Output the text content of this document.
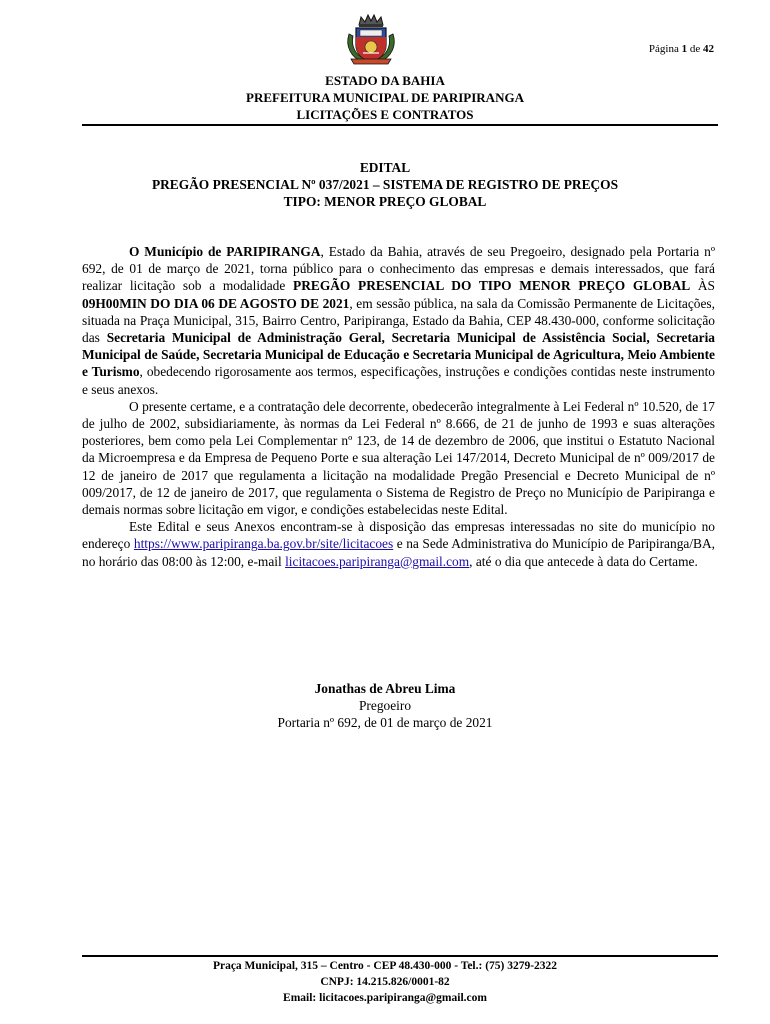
Página 1 de 42
ESTADO DA BAHIA
PREFEITURA MUNICIPAL DE PARIPIRANGA
LICITAÇÕES E CONTRATOS
EDITAL
PREGÃO PRESENCIAL Nº 037/2021 – SISTEMA DE REGISTRO DE PREÇOS
TIPO: MENOR PREÇO GLOBAL

O Município de PARIPIRANGA, Estado da Bahia, através de seu Pregoeiro, designado pela Portaria nº 692, de 01 de março de 2021, torna público para o conhecimento das empresas e demais interessados, que fará realizar licitação sob a modalidade PREGÃO PRESENCIAL DO TIPO MENOR PREÇO GLOBAL ÀS 09H00MIN DO DIA 06 DE AGOSTO DE 2021, em sessão pública, na sala da Comissão Permanente de Licitações, situada na Praça Municipal, 315, Bairro Centro, Paripiranga, Estado da Bahia, CEP 48.430-000, conforme solicitação das Secretaria Municipal de Administração Geral, Secretaria Municipal de Assistência Social, Secretaria Municipal de Saúde, Secretaria Municipal de Educação e Secretaria Municipal de Agricultura, Meio Ambiente e Turismo, obedecendo rigorosamente aos termos, especificações, instruções e condições contidas neste instrumento e seus anexos.

O presente certame, e a contratação dele decorrente, obedecerão integralmente à Lei Federal nº 10.520, de 17 de julho de 2002, subsidiariamente, às normas da Lei Federal nº 8.666, de 21 de junho de 1993 e suas alterações posteriores, bem como pela Lei Complementar nº 123, de 14 de dezembro de 2006, que institui o Estatuto Nacional da Microempresa e da Empresa de Pequeno Porte e sua alteração Lei 147/2014, Decreto Municipal de nº 009/2017 de 12 de janeiro de 2017 que regulamenta a licitação na modalidade Pregão Presencial e Decreto Municipal de nº 009/2017, de 12 de janeiro de 2017, que regulamenta o Sistema de Registro de Preço no Município de Paripiranga e demais normas sobre licitação em vigor, e condições estabelecidas neste Edital.

Este Edital e seus Anexos encontram-se à disposição das empresas interessadas no site do município no endereço https://www.paripiranga.ba.gov.br/site/licitacoes e na Sede Administrativa do Município de Paripiranga/BA, no horário das 08:00 às 12:00, e-mail licitacoes.paripiranga@gmail.com, até o dia que antecede à data do Certame.

Jonathas de Abreu Lima
Pregoeiro
Portaria nº 692, de 01 de março de 2021
Praça Municipal, 315 – Centro - CEP 48.430-000 - Tel.: (75) 3279-2322
CNPJ: 14.215.826/0001-82
Email: licitacoes.paripiranga@gmail.com
